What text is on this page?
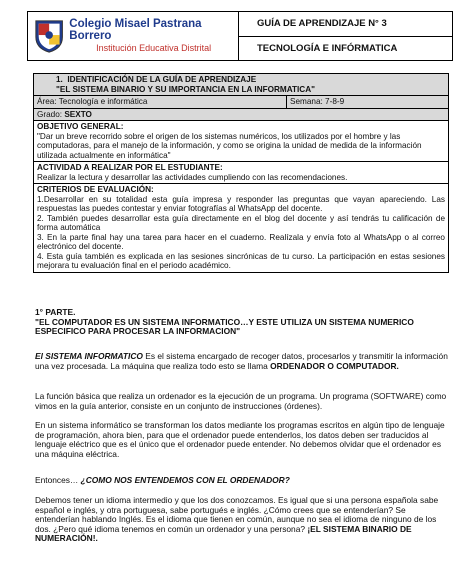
Colegio Misael Pastrana Borrero
Institución Educativa Distrital
GUÍA DE APRENDIZAJE N° 3
TECNOLOGÍA E INFÓRMATICA
1. IDENTIFICACIÓN DE LA GUÍA DE APRENDIZAJE
"EL SISTEMA BINARIO Y SU IMPORTANCIA EN LA INFORMATICA"
Área: Tecnología e informática	Semana: 7-8-9
Grado: SEXTO
OBJETIVO GENERAL:
"Dar un breve recorrido sobre el origen de los sistemas numéricos, los utilizados por el hombre y las computadoras, para el manejo de la información, y como se origina la unidad de medida de la información utilizada actualmente en informática"
ACTIVIDAD A REALIZAR POR EL ESTUDIANTE:
Realizar la lectura y desarrollar las actividades cumpliendo con las recomendaciones.
CRITERIOS DE EVALUACIÓN:
1.Desarrollar en su totalidad esta guía impresa y responder las preguntas que vayan apareciendo. Las respuestas las puedes contestar y enviar fotografías al WhatsApp del docente.
2. También puedes desarrollar esta guía directamente en el blog del docente y así tendrás tu calificación de forma automática
3. En la parte final hay una tarea para hacer en el cuaderno. Realízala y envía foto al WhatsApp o al correo electrónico del docente.
4. Esta guía también es explicada en las sesiones sincrónicas de tu curso. La participación en estas sesiones mejorara tu evaluación final en el periodo académico.
1° PARTE.
"EL COMPUTADOR ES UN SISTEMA INFORMATICO…Y ESTE UTILIZA UN SISTEMA NUMERICO ESPECIFICO PARA PROCESAR LA INFORMACION"
El SISTEMA INFORMATICO Es el sistema encargado de recoger datos, procesarlos y transmitir la información una vez procesada. La máquina que realiza todo esto se llama ORDENADOR O COMPUTADOR.
La función básica que realiza un ordenador es la ejecución de un programa. Un programa (SOFTWARE) como vimos en la guía anterior, consiste en un conjunto de instrucciones (órdenes).
En un sistema informático se transforman los datos mediante los programas escritos en algún tipo de lenguaje de programación, ahora bien, para que el ordenador puede entenderlos, los datos deben ser traducidos al lenguaje eléctrico que es el único que el ordenador puede entender. No debemos olvidar que el ordenador es una máquina eléctrica.
Entonces… ¿COMO NOS ENTENDEMOS CON EL ORDENADOR?
Debemos tener un idioma intermedio y que los dos conozcamos. Es igual que si una persona española sabe español e inglés, y otra portuguesa, sabe portugués e inglés. ¿Cómo crees que se entenderían? Se entenderían hablando Inglés. Es el idioma que tienen en común, aunque no sea el idioma de ninguno de los dos. ¿Pero qué idioma tenemos en común un ordenador y una persona? ¡EL SISTEMA BINARIO DE NUMERACIÓN!.
